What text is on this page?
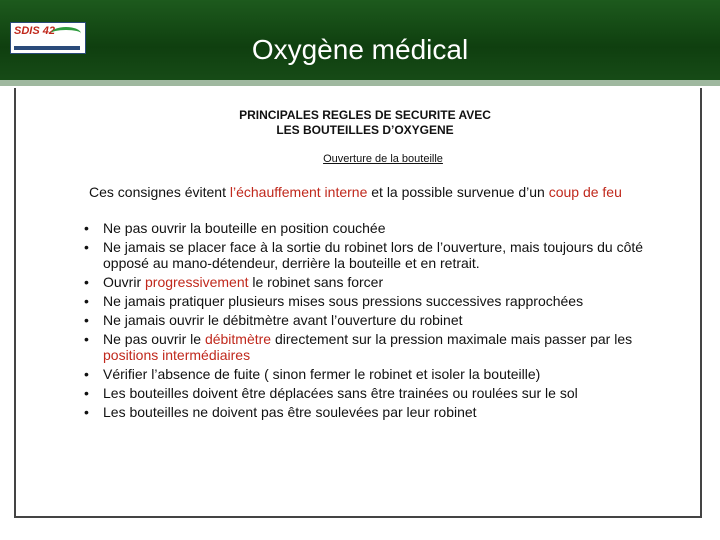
SDIS 42
Oxygène médical
PRINCIPALES REGLES DE SECURITE AVEC
LES BOUTEILLES D’OXYGENE
Ouverture de la bouteille
Ces consignes évitent l’échauffement interne et la possible survenue d’un coup de feu
• Ne pas ouvrir la bouteille en position couchée
• Ne jamais se placer face à la sortie du robinet lors de l’ouverture, mais toujours du côté opposé au mano-détendeur, derrière la bouteille et en retrait.
• Ouvrir progressivement le robinet sans forcer
• Ne jamais pratiquer plusieurs mises sous pressions successives rapprochées
• Ne jamais ouvrir le débitmètre avant l’ouverture du robinet
• Ne pas ouvrir le débitmètre directement sur la pression maximale mais passer par les positions intermédiaires
• Vérifier l’absence de fuite ( sinon fermer le robinet et isoler la bouteille)
• Les bouteilles doivent être déplacées sans être trainées ou roulées sur le sol
• Les bouteilles ne doivent pas être soulevées par leur robinet
